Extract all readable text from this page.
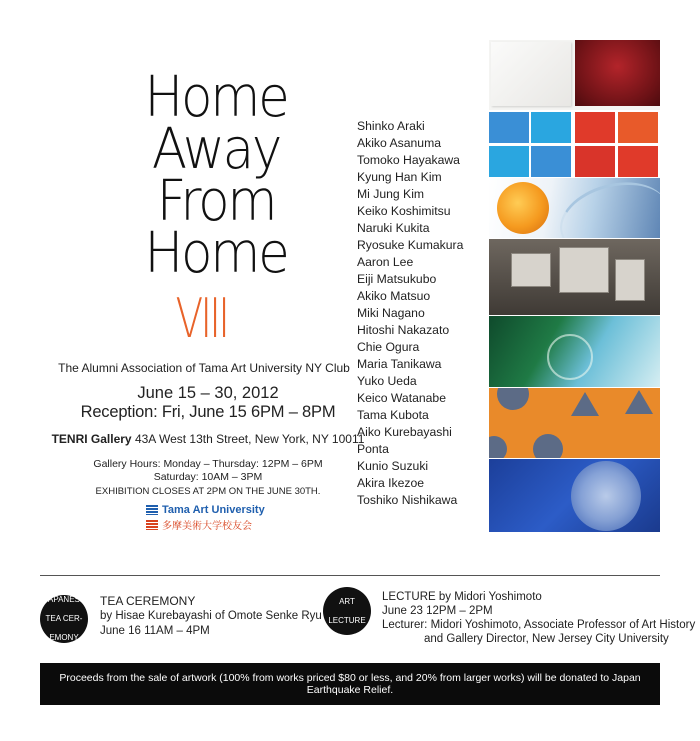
Home
Away
From
Home
VIII
The Alumni Association of Tama Art University NY Club
June 15 – 30, 2012
Reception: Fri, June 15 6PM – 8PM
TENRI Gallery 43A West 13th Street, New York, NY 10011
Gallery Hours: Monday – Thursday: 12PM – 6PM
Saturday: 10AM – 3PM
EXHIBITION CLOSES AT 2PM ON THE JUNE 30TH.
Tama Art University
多摩美術大学校友会
Shinko Araki
Akiko Asanuma
Tomoko Hayakawa
Kyung Han Kim
Mi Jung Kim
Keiko Koshimitsu
Naruki Kukita
Ryosuke Kumakura
Aaron Lee
Eiji Matsukubo
Akiko Matsuo
Miki Nagano
Hitoshi Nakazato
Chie Ogura
Maria Tanikawa
Yuko Ueda
Keico Watanabe
Tama Kubota
Aiko Kurebayashi
Ponta
Kunio Suzuki
Akira Ikezoe
Toshiko Nishikawa
JAPANESE

TEA CER-

EMONY
TEA CEREMONY
by Hisae Kurebayashi of Omote Senke Ryu
June 16 11AM – 4PM
ART

LECTURE
LECTURE by Midori Yoshimoto
June 23 12PM – 2PM
Lecturer: Midori Yoshimoto, Associate Professor of Art History
and Gallery Director, New Jersey City University
Proceeds from the sale of artwork (100% from works priced $80 or less, and 20% from larger works) will be donated to Japan Earthquake Relief.
